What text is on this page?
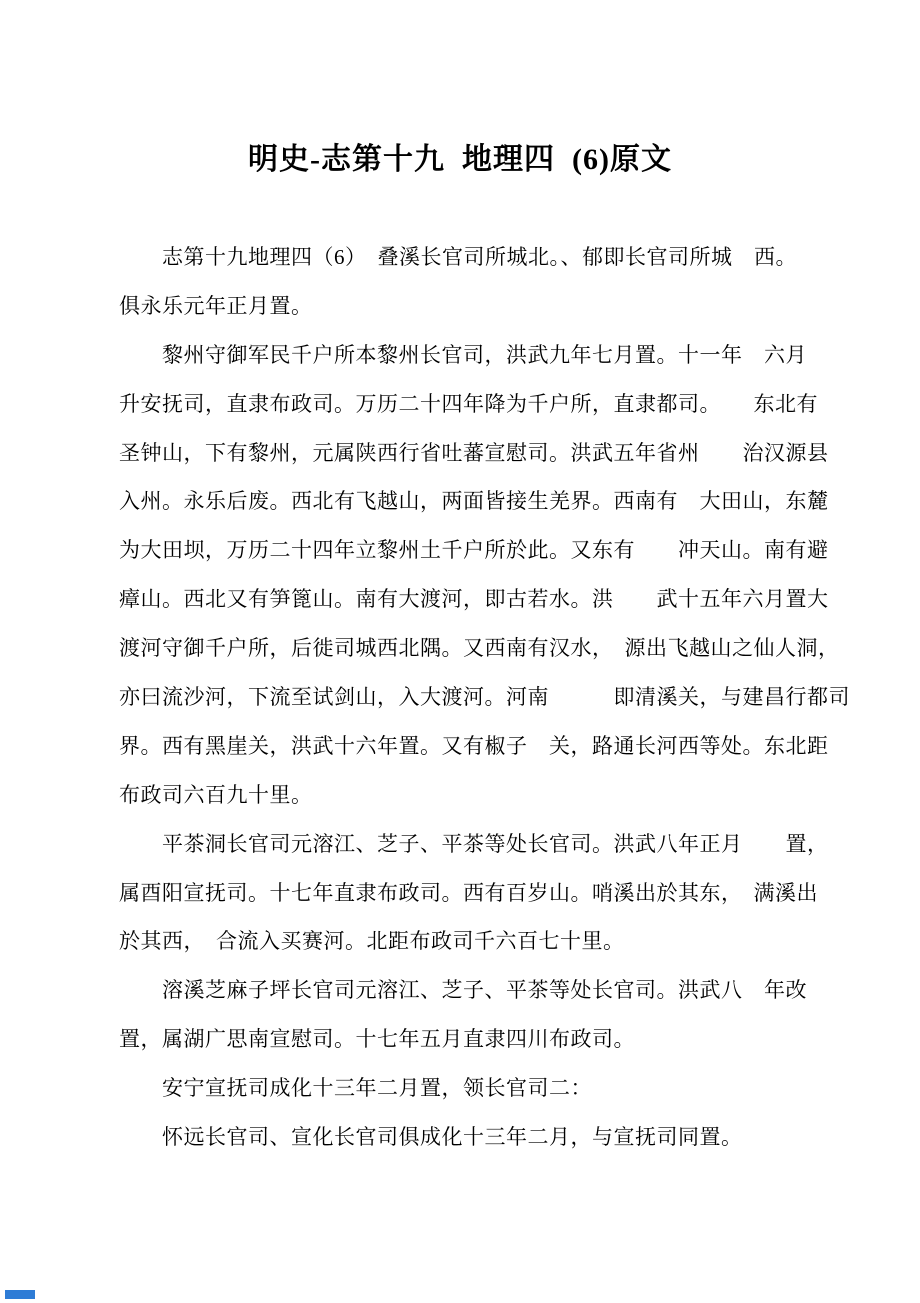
明史-志第十九  地理四  (6)原文
　　志第十九地理四（6）　叠溪长官司所城北。、郁即长官司所城　西。
俱永乐元年正月置。
　　黎州守御军民千户所本黎州长官司，洪武九年七月置。十一年　六月
升安抚司，直隶布政司。万历二十四年降为千户所，直隶都司。　　东北有
圣钟山，下有黎州，元属陕西行省吐蕃宣慰司。洪武五年省州　　治汉源县
入州。永乐后废。西北有飞越山，两面皆接生羌界。西南有　大田山，东麓
为大田坝，万历二十四年立黎州土千户所於此。又东有　　冲天山。南有避
瘴山。西北又有笋篦山。南有大渡河，即古若水。洪　　武十五年六月置大
渡河守御千户所，后徙司城西北隅。又西南有汉水，　源出飞越山之仙人洞，
亦曰流沙河，下流至试剑山，入大渡河。河南　　　即清溪关，与建昌行都司
界。西有黑崖关，洪武十六年置。又有椒子　关，路通长河西等处。东北距
布政司六百九十里。
　　平茶洞长官司元溶江、芝子、平茶等处长官司。洪武八年正月　　置，
属酉阳宣抚司。十七年直隶布政司。西有百岁山。哨溪出於其东，　满溪出
於其西，　合流入买赛河。北距布政司千六百七十里。
　　溶溪芝麻子坪长官司元溶江、芝子、平茶等处长官司。洪武八　年改
置，属湖广思南宣慰司。十七年五月直隶四川布政司。
　　安宁宣抚司成化十三年二月置，领长官司二：
　　怀远长官司、宣化长官司俱成化十三年二月，与宣抚司同置。
